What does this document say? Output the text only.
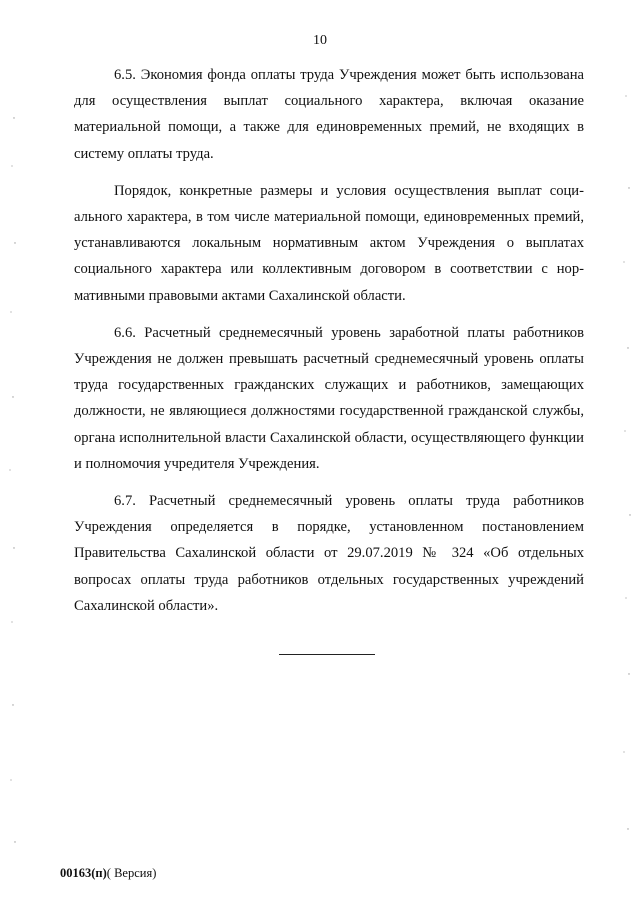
10

6.5. Экономия фонда оплаты труда Учреждения может быть использована для осуществления выплат социального характера, включая оказание материальной помощи, а также для единовременных премий, не входящих в систему оплаты труда.

Порядок, конкретные размеры и условия осуществления выплат социального характера, в том числе материальной помощи, единовременных премий, устанавливаются локальным нормативным актом Учреждения о выплатах социального характера или коллективным договором в соответствии с нормативными правовыми актами Сахалинской области.

6.6. Расчетный среднемесячный уровень заработной платы работников Учреждения не должен превышать расчетный среднемесячный уровень оплаты труда государственных гражданских служащих и работников, замещающих должности, не являющиеся должностями государственной гражданской службы, органа исполнительной власти Сахалинской области, осуществляющего функции и полномочия учредителя Учреждения.

6.7. Расчетный среднемесячный уровень оплаты труда работников Учреждения определяется в порядке, установленном постановлением Правительства Сахалинской области от 29.07.2019 № 324 «Об отдельных вопросах оплаты труда работников отдельных государственных учреждений Сахалинской области».

00163(п)( Версия)
